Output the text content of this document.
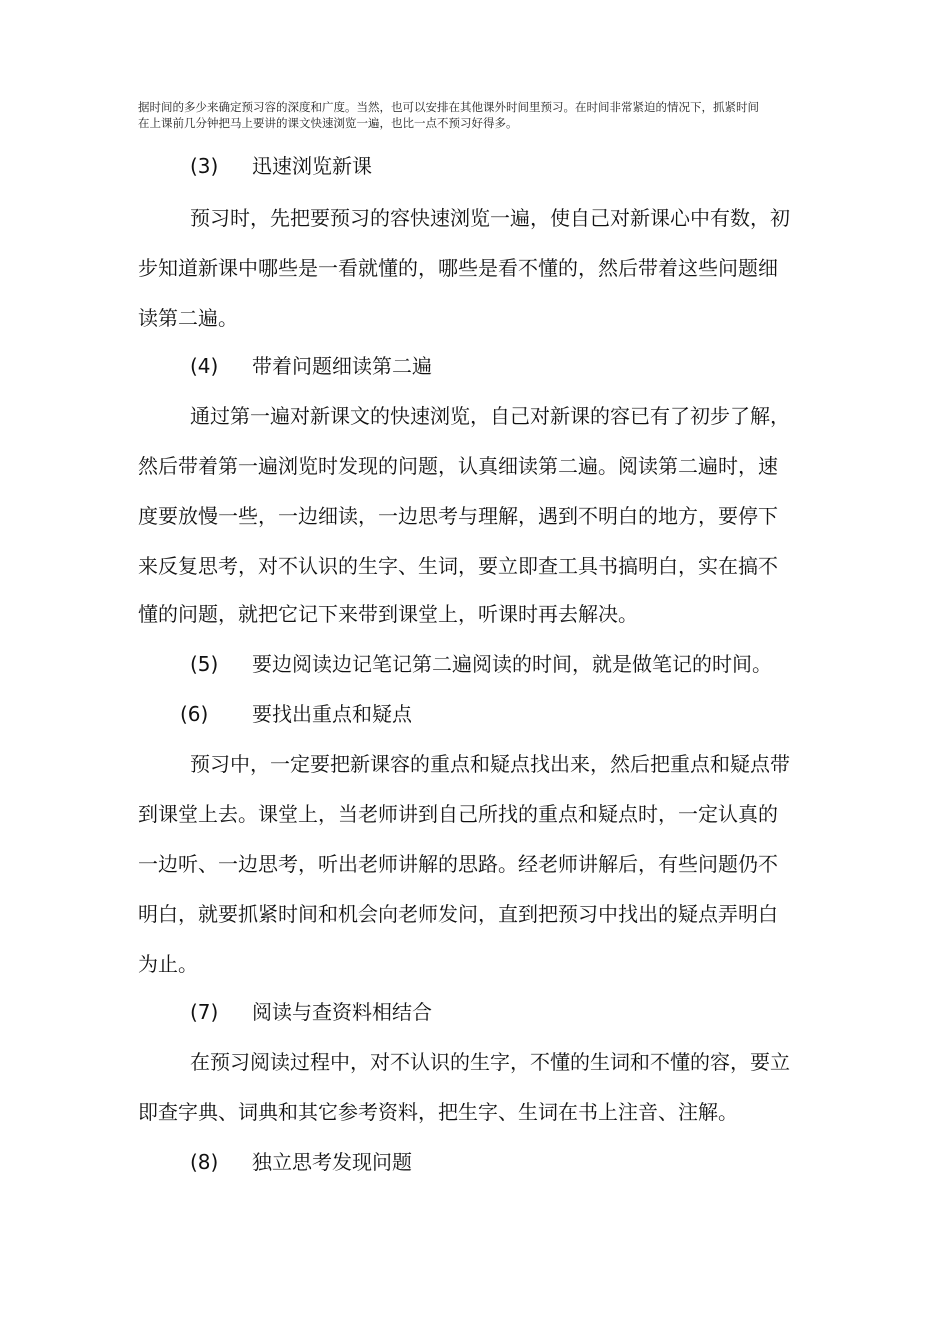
据时间的多少来确定预习容的深度和广度。当然，也可以安排在其他课外时间里预习。在时间非常紧迫的情况下，抓紧时间
在上课前几分钟把马上要讲的课文快速浏览一遍，也比一点不预习好得多。
(3)	迅速浏览新课
预习时，先把要预习的容快速浏览一遍，使自己对新课心中有数，初
步知道新课中哪些是一看就懂的，哪些是看不懂的，然后带着这些问题细
读第二遍。
(4)	带着问题细读第二遍
通过第一遍对新课文的快速浏览，自己对新课的容已有了初步了解，
然后带着第一遍浏览时发现的问题，认真细读第二遍。阅读第二遍时，速
度要放慢一些，一边细读，一边思考与理解，遇到不明白的地方，要停下
来反复思考，对不认识的生字、生词，要立即查工具书搞明白，实在搞不
懂的问题，就把它记下来带到课堂上，听课时再去解决。
(5)	要边阅读边记笔记第二遍阅读的时间，就是做笔记的时间。
(6)	要找出重点和疑点
预习中，一定要把新课容的重点和疑点找出来，然后把重点和疑点带
到课堂上去。课堂上，当老师讲到自己所找的重点和疑点时，一定认真的
一边听、一边思考，听出老师讲解的思路。经老师讲解后，有些问题仍不
明白，就要抓紧时间和机会向老师发问，直到把预习中找出的疑点弄明白
为止。
(7)	阅读与查资料相结合
在预习阅读过程中，对不认识的生字，不懂的生词和不懂的容，要立
即查字典、词典和其它参考资料，把生字、生词在书上注音、注解。
(8)	独立思考发现问题
